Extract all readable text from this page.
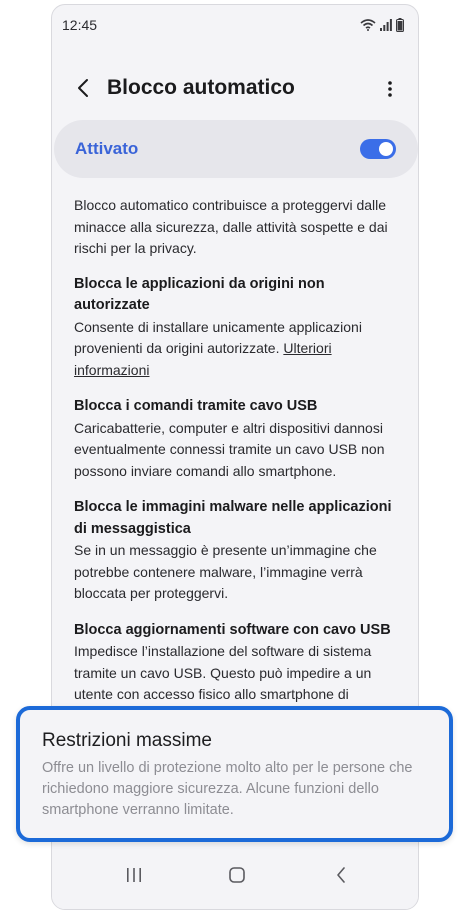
12:45
Blocco automatico
Attivato

Blocco automatico contribuisce a proteggervi dalle minacce alla sicurezza, dalle attività sospette e dai rischi per la privacy.

Blocca le applicazioni da origini non autorizzate
Consente di installare unicamente applicazioni provenienti da origini autorizzate. Ulteriori informazioni
Blocca i comandi tramite cavo USB
Caricabatterie, computer e altri dispositivi dannosi eventualmente connessi tramite un cavo USB non possono inviare comandi allo smartphone.
Blocca le immagini malware nelle applicazioni di messaggistica
Se in un messaggio è presente un’immagine che potrebbe contenere malware, l’immagine verrà bloccata per proteggervi.
Blocca aggiornamenti software con cavo USB
Impedisce l’installazione del software di sistema tramite un cavo USB. Questo può impedire a un utente con accesso fisico allo smartphone di
Restrizioni massime
Offre un livello di protezione molto alto per le persone che richiedono maggiore sicurezza. Alcune funzioni dello smartphone verranno limitate.
